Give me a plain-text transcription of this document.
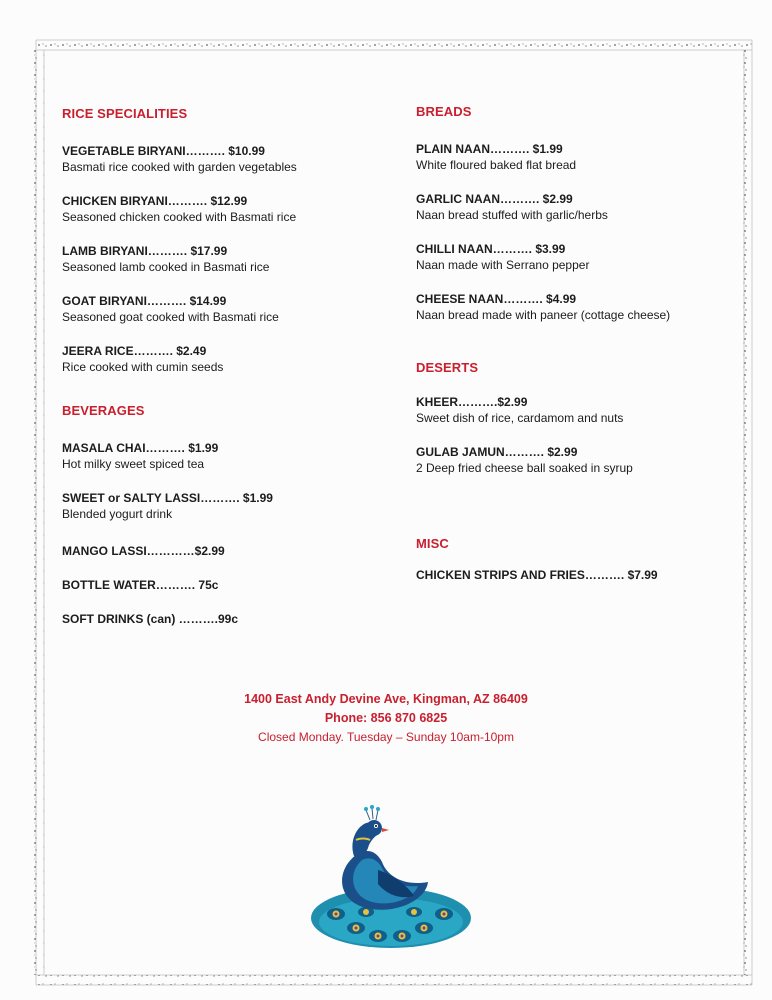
RICE SPECIALITIES
VEGETABLE BIRYANI………. $10.99
Basmati rice cooked with garden vegetables
CHICKEN BIRYANI………. $12.99
Seasoned chicken cooked with Basmati rice
LAMB BIRYANI………. $17.99
Seasoned lamb cooked in Basmati rice
GOAT BIRYANI………. $14.99
Seasoned goat cooked with Basmati rice
JEERA RICE………. $2.49
Rice cooked with cumin seeds
BEVERAGES
MASALA CHAI………. $1.99
Hot milky sweet spiced tea
SWEET or SALTY LASSI………. $1.99
Blended yogurt drink
MANGO LASSI…………$2.99
BOTTLE WATER………. 75c
SOFT DRINKS (can) ……….99c
BREADS
PLAIN NAAN………. $1.99
White floured baked flat bread
GARLIC NAAN………. $2.99
Naan bread stuffed with garlic/herbs
CHILLI NAAN………. $3.99
Naan made with Serrano pepper
CHEESE NAAN………. $4.99
Naan bread made with paneer (cottage cheese)
DESERTS
KHEER……….$2.99
Sweet dish of rice, cardamom and nuts
GULAB JAMUN………. $2.99
2 Deep fried cheese ball soaked in syrup
MISC
CHICKEN STRIPS AND FRIES………. $7.99
1400 East Andy Devine Ave, Kingman, AZ 86409
Phone: 856 870 6825
Closed Monday. Tuesday – Sunday 10am-10pm
